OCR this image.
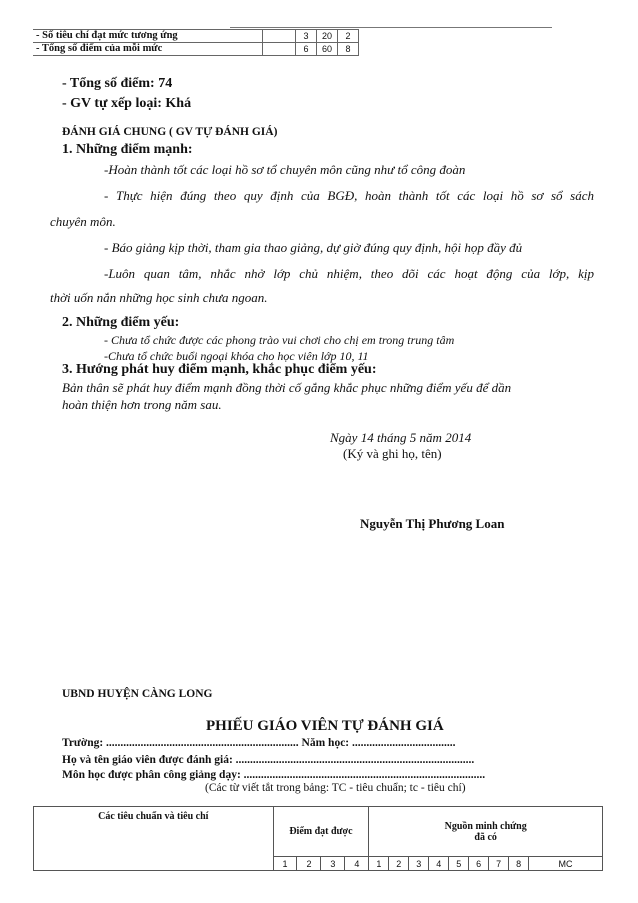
- Số tiêu chí đạt mức tương ứng		3	20	2
- Tổng số điểm của mỗi mức		6	60	8
- Tổng số điểm: 74
- GV tự xếp loại: Khá
ĐÁNH GIÁ CHUNG ( GV TỰ ĐÁNH GIÁ)
1. Những điểm mạnh:
-Hoàn thành tốt các loại hồ sơ tổ chuyên môn cũng như tổ công đoàn
- Thực hiện đúng theo quy định của BGĐ, hoàn thành tốt các loại hồ sơ sổ sách
chuyên môn.
- Báo giảng kịp thời, tham gia thao giảng, dự giờ đúng quy định, hội họp đầy đủ
-Luôn quan tâm, nhắc nhở lớp chủ nhiệm, theo dõi các hoạt động của lớp, kịp
thời uốn nắn những học sinh chưa ngoan.
2. Những điểm yếu:
- Chưa tổ chức được các phong trào vui chơi cho chị em trong trung tâm
-Chưa tổ chức buổi ngoại khóa cho học viên lớp 10, 11
3. Hướng phát huy điểm mạnh, khắc phục điểm yếu:
Bản thân sẽ phát huy điểm mạnh đồng thời cố gắng khắc phục những điểm yếu để dần
hoàn thiện hơn trong năm sau.
Ngày 14 tháng 5 năm 2014
(Ký và ghi họ, tên)
Nguyễn Thị Phương Loan
UBND HUYỆN CÀNG LONG
PHIẾU GIÁO VIÊN TỰ ĐÁNH GIÁ
Trường: ................................................................... Năm học: ....................................
Họ và tên giáo viên được đánh giá: ...................................................................................
Môn học được phân công giảng dạy: ....................................................................................
(Các từ viết tắt trong bảng: TC - tiêu chuẩn; tc - tiêu chí)
Các tiêu chuẩn và tiêu chí	Điểm đạt được				Nguồn minh chứng
đã có								

	1	2	3	4	1	2	3	4	5	6	7	8	MC
